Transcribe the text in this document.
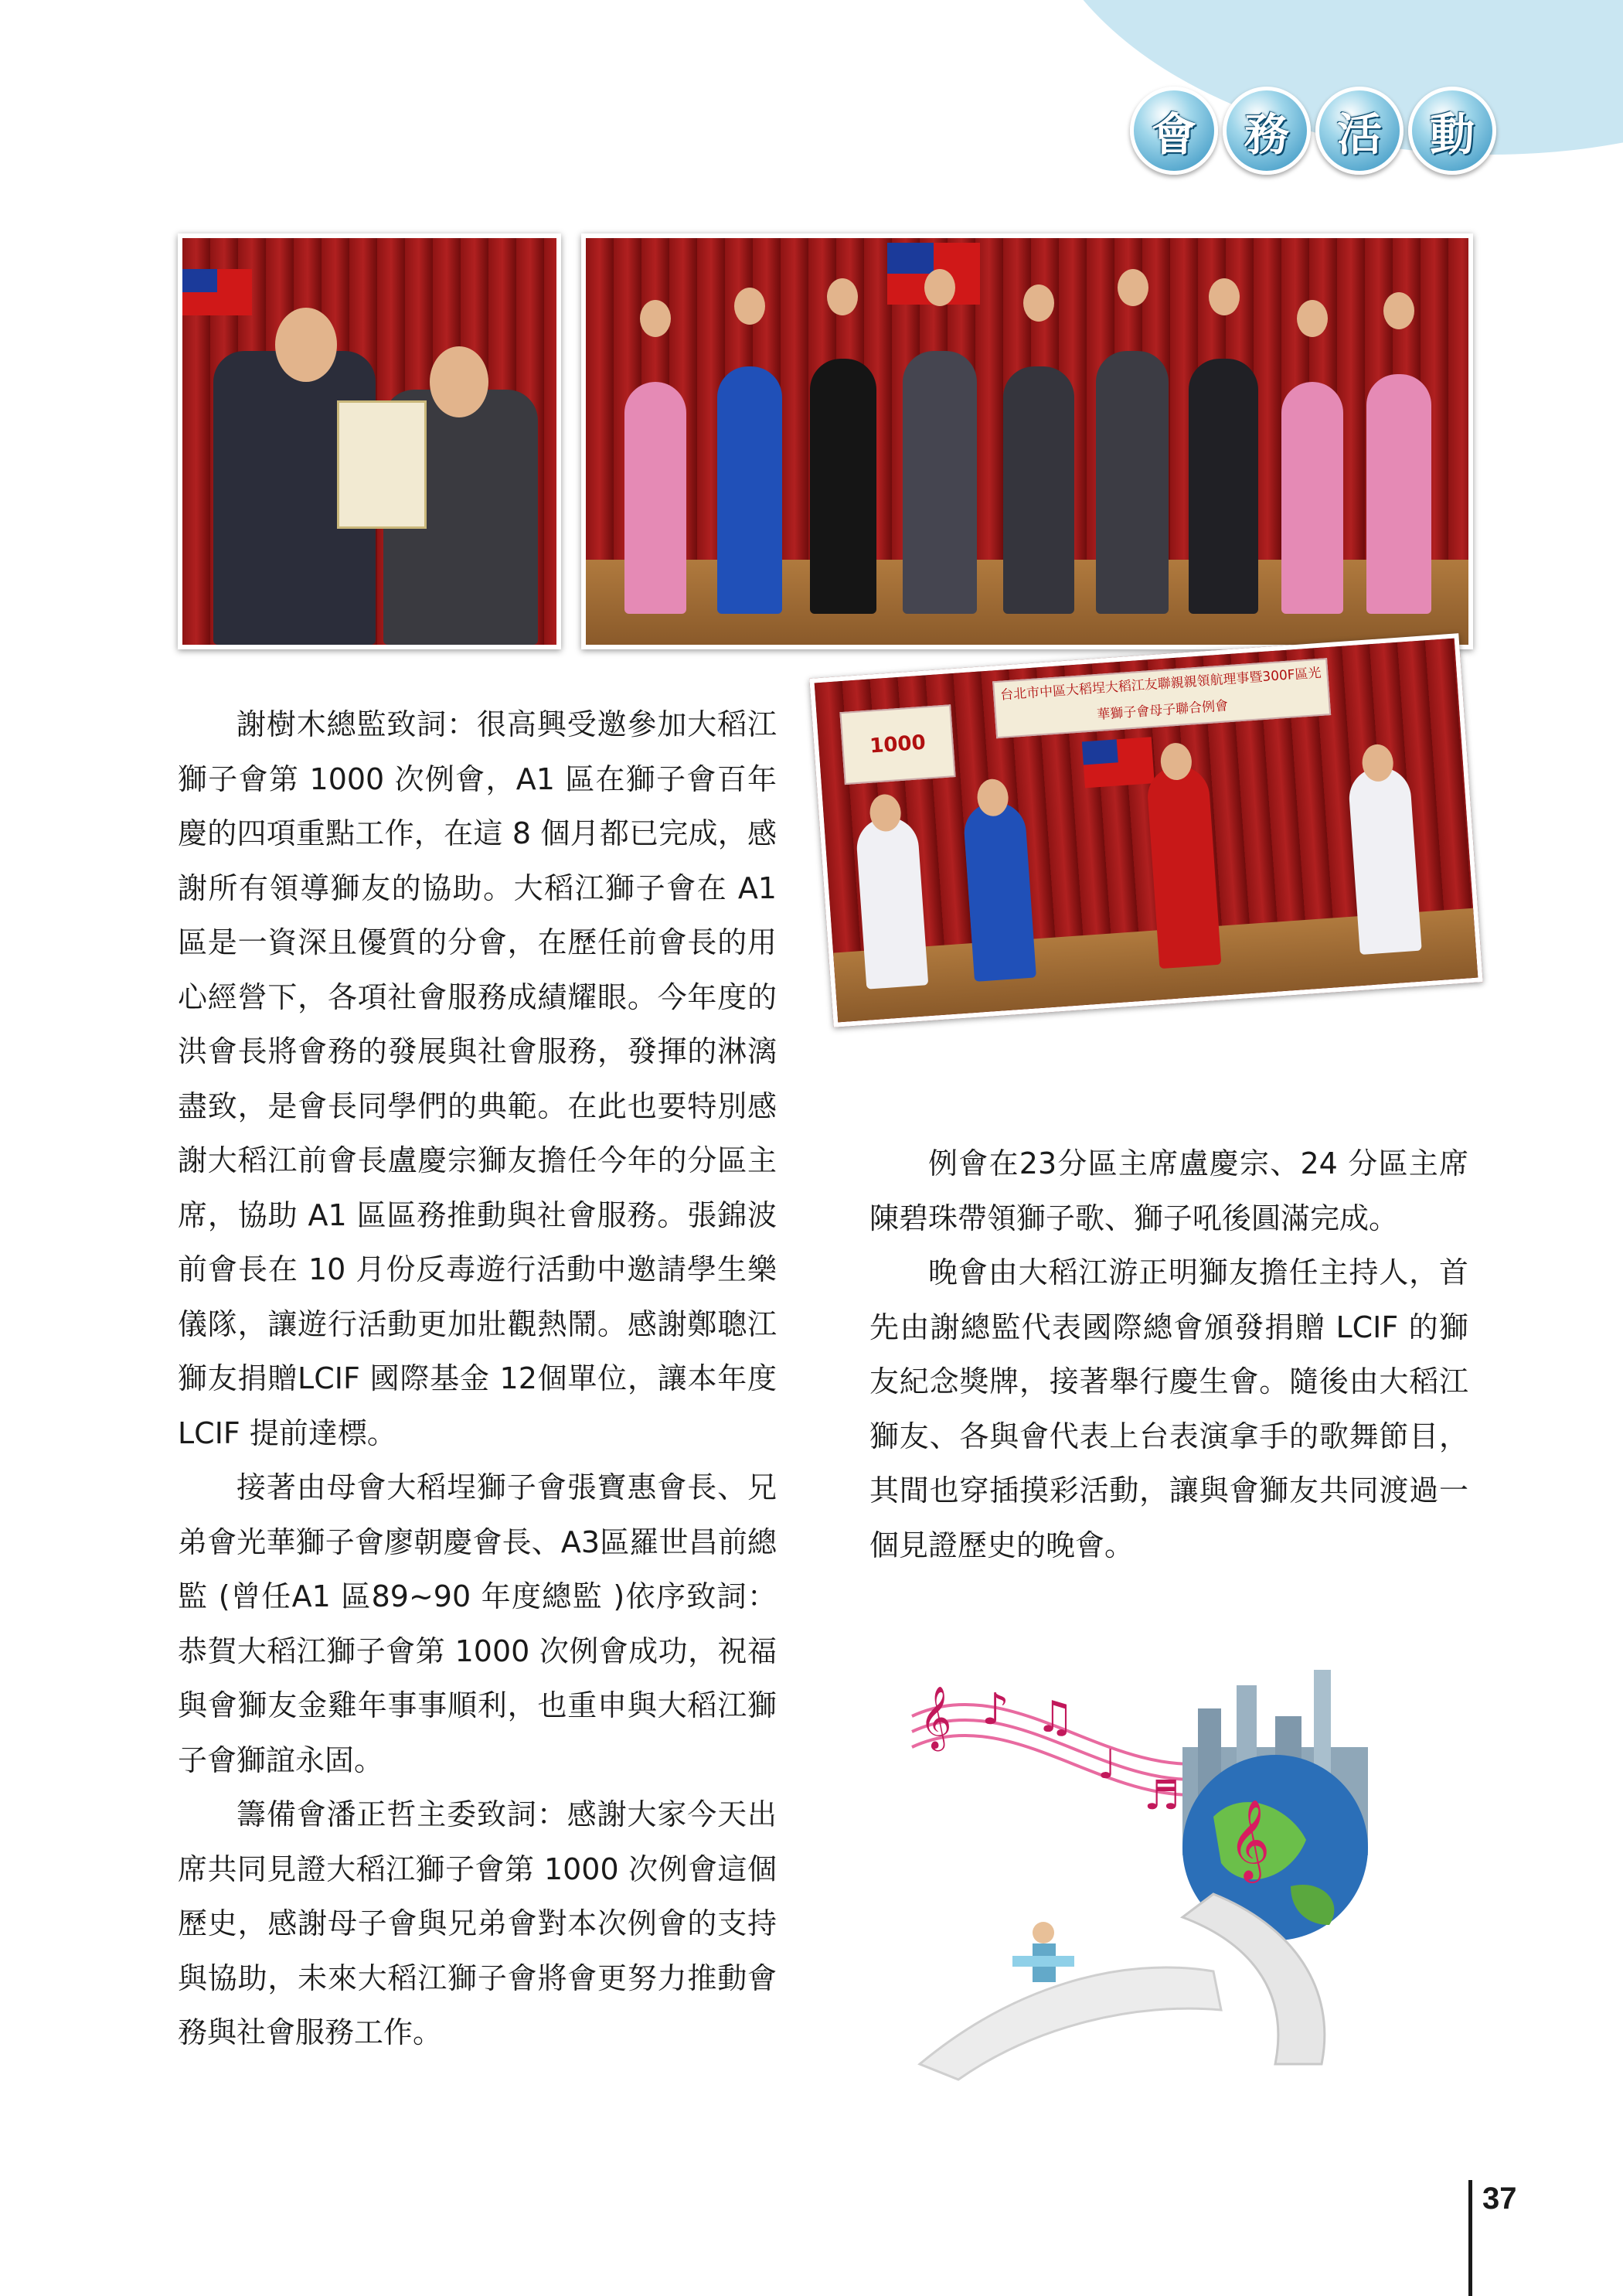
會 務 活 動
台北市中區大稻埕大稻江友聯親親領航理事暨300F區光華獅子會母子聯合例會
1000

謝樹木總監致詞：很高興受邀參加大稻江獅子會第 1000 次例會，A1 區在獅子會百年慶的四項重點工作，在這 8 個月都已完成，感謝所有領導獅友的協助。大稻江獅子會在 A1 區是一資深且優質的分會，在歷任前會長的用心經營下，各項社會服務成績耀眼。今年度的洪會長將會務的發展與社會服務，發揮的淋漓盡致，是會長同學們的典範。在此也要特別感謝大稻江前會長盧慶宗獅友擔任今年的分區主席，協助 A1 區區務推動與社會服務。張錦波前會長在 10 月份反毒遊行活動中邀請學生樂儀隊，讓遊行活動更加壯觀熱鬧。感謝鄭聰江獅友捐贈LCIF 國際基金 12個單位，讓本年度 LCIF 提前達標。

接著由母會大稻埕獅子會張寶惠會長、兄弟會光華獅子會廖朝慶會長、A3區羅世昌前總監 (曾任A1 區89~90 年度總監 )依序致詞：恭賀大稻江獅子會第 1000 次例會成功，祝福與會獅友金雞年事事順利，也重申與大稻江獅子會獅誼永固。

籌備會潘正哲主委致詞：感謝大家今天出席共同見證大稻江獅子會第 1000 次例會這個歷史，感謝母子會與兄弟會對本次例會的支持與協助，未來大稻江獅子會將會更努力推動會務與社會服務工作。

例會在23分區主席盧慶宗、24 分區主席陳碧珠帶領獅子歌、獅子吼後圓滿完成。

晚會由大稻江游正明獅友擔任主持人，首先由謝總監代表國際總會頒發捐贈 LCIF 的獅友紀念獎牌，接著舉行慶生會。隨後由大稻江獅友、各與會代表上台表演拿手的歌舞節目，其間也穿插摸彩活動，讓與會獅友共同渡過一個見證歷史的晚會。

𝄞 ♪ ♫
♩
♬
𝄞
37
